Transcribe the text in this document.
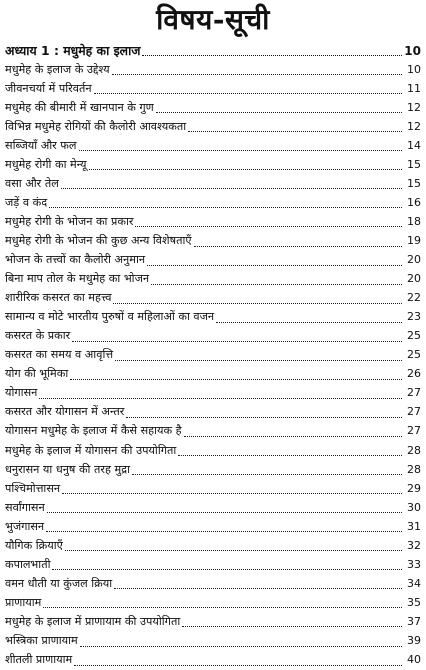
विषय-सूची
अध्याय 1 : मधुमेह का इलाज	10
मधुमेह के इलाज के उद्देश्य	10
जीवनचर्या में परिवर्तन	11
मधुमेह की बीमारी में खानपान के गुण	12
विभिन्न मधुमेह रोगियों की कैलोरी आवश्यकता	12
सब्जियाँ और फल	14
मधुमेह रोगी का मेन्यू	15
वसा और तेल	15
जड़ें व कंद	16
मधुमेह रोगी के भोजन का प्रकार	18
मधुमेह रोगी के भोजन की कुछ अन्य विशेषताएँ	19
भोजन के तत्त्वों का कैलोरी अनुमान	20
बिना माप तोल के मधुमेह का भोजन	20
शारीरिक कसरत का महत्त्व	22
सामान्य व मोटे भारतीय पुरुषों व महिलाओं का वजन	23
कसरत के प्रकार	25
कसरत का समय व आवृत्ति	25
योग की भूमिका	26
योगासन	27
कसरत और योगासन में अन्तर	27
योगासन मधुमेह के इलाज में कैसे सहायक है	27
मधुमेह के इलाज में योगासन की उपयोगिता	28
धनुरासन या धनुष की तरह मुद्रा	28
पश्चिमोत्तासन	29
सर्वांगासन	30
भुजंगासन	31
यौगिक क्रियाएँ	32
कपालभाती	33
वमन धौती या कुंजल क्रिया	34
प्राणायाम	35
मधुमेह के इलाज में प्राणायाम की उपयोगिता	37
भस्त्रिका प्राणायाम	39
शीतली प्राणायाम	40
